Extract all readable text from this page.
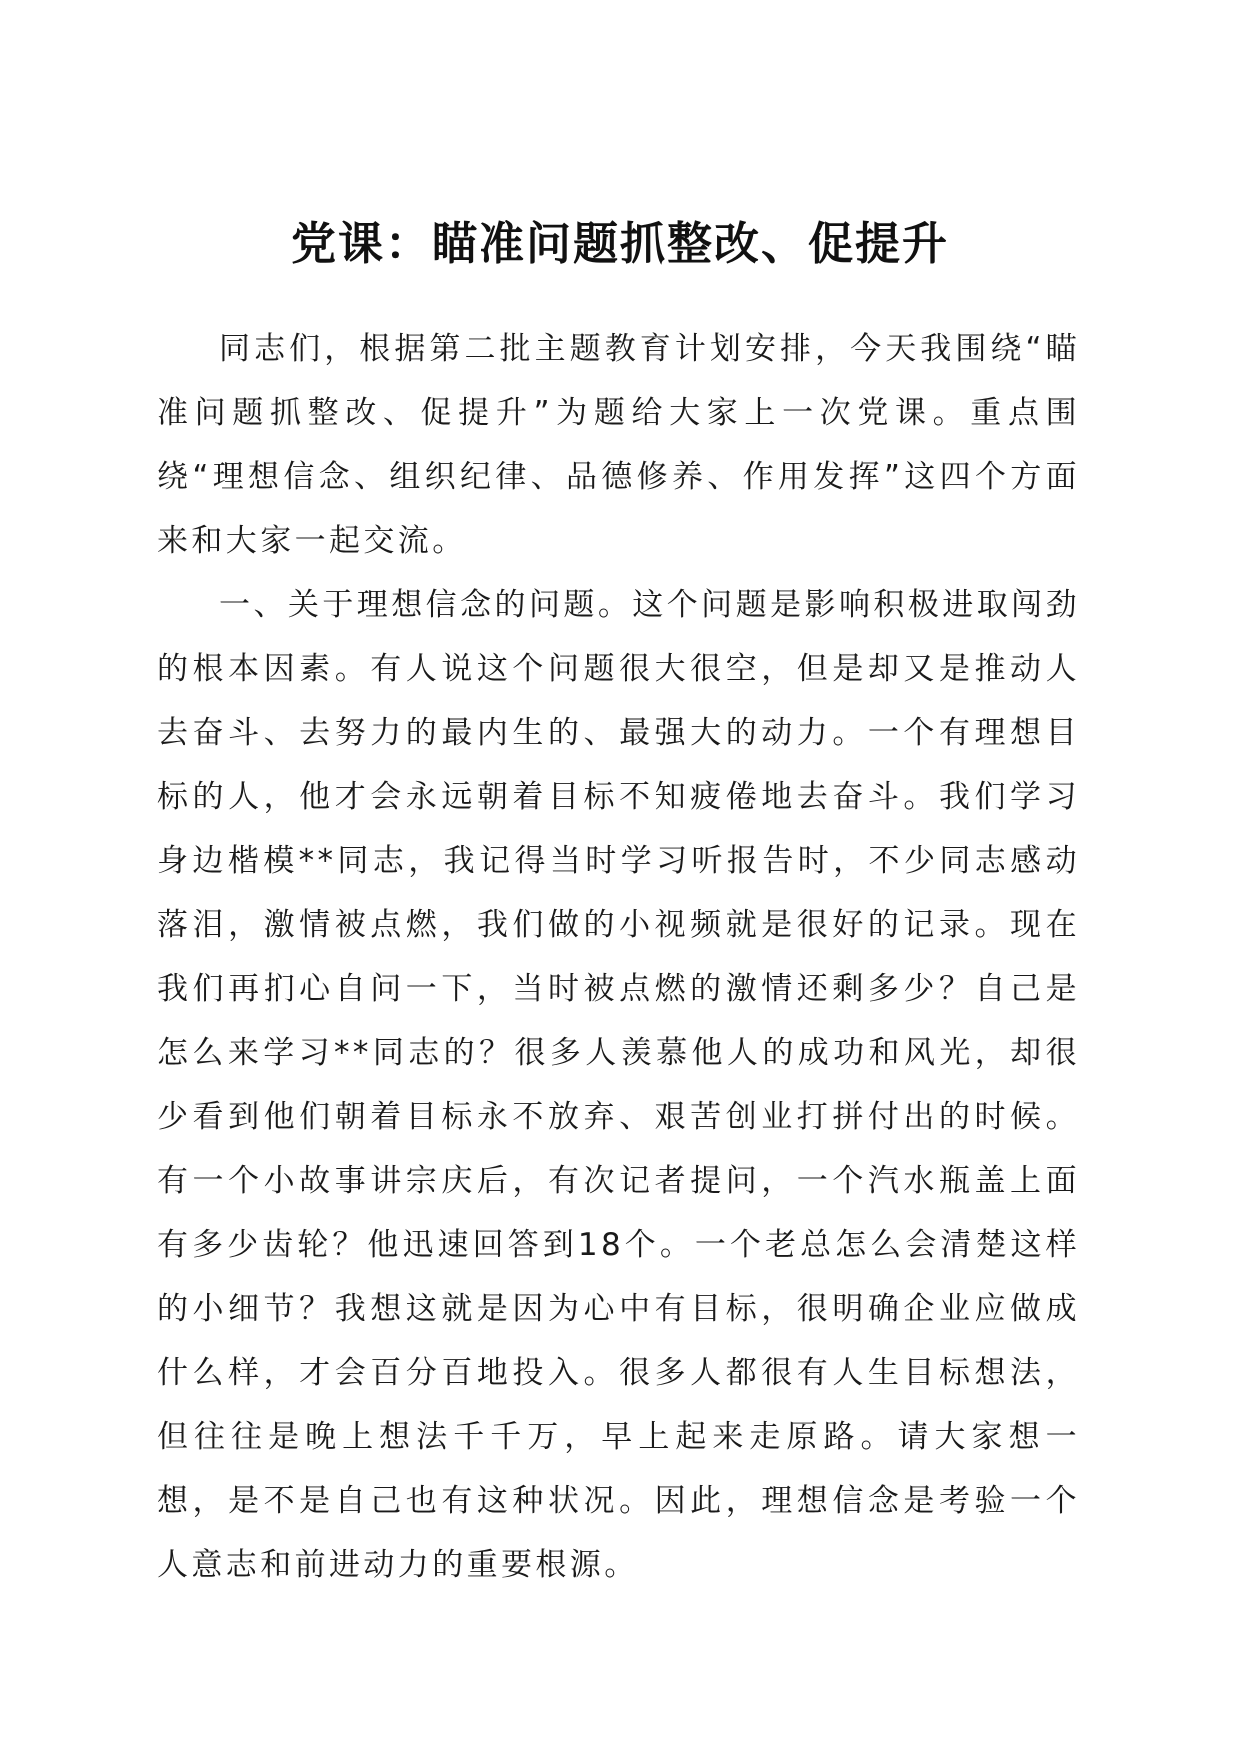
党课：瞄准问题抓整改、促提升

同志们，根据第二批主题教育计划安排，今天我围绕“瞄准问题抓整改、促提升”为题给大家上一次党课。重点围绕“理想信念、组织纪律、品德修养、作用发挥”这四个方面来和大家一起交流。

一、关于理想信念的问题。这个问题是影响积极进取闯劲的根本因素。有人说这个问题很大很空，但是却又是推动人去奋斗、去努力的最内生的、最强大的动力。一个有理想目标的人，他才会永远朝着目标不知疲倦地去奋斗。我们学习身边楷模**同志，我记得当时学习听报告时，不少同志感动落泪，激情被点燃，我们做的小视频就是很好的记录。现在我们再扪心自问一下，当时被点燃的激情还剩多少？自己是怎么来学习**同志的？很多人羡慕他人的成功和风光，却很少看到他们朝着目标永不放弃、艰苦创业打拼付出的时候。有一个小故事讲宗庆后，有次记者提问，一个汽水瓶盖上面有多少齿轮？他迅速回答到18个。一个老总怎么会清楚这样的小细节？我想这就是因为心中有目标，很明确企业应做成什么样，才会百分百地投入。很多人都很有人生目标想法，但往往是晚上想法千千万，早上起来走原路。请大家想一想，是不是自己也有这种状况。因此，理想信念是考验一个人意志和前进动力的重要根源。
